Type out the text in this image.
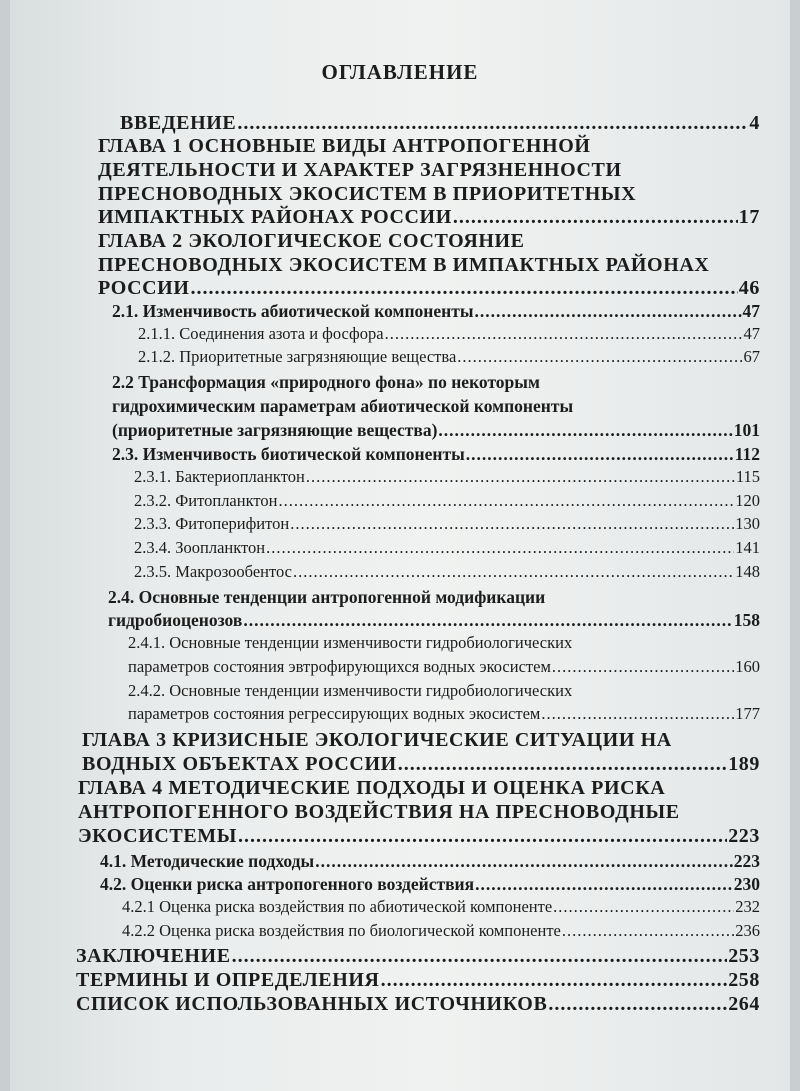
ОГЛАВЛЕНИЕ
ВВЕДЕНИЕ .....	4
ГЛАВА 1 ОСНОВНЫЕ ВИДЫ АНТРОПОГЕННОЙ
ДЕЯТЕЛЬНОСТИ И ХАРАКТЕР ЗАГРЯЗНЕННОСТИ
ПРЕСНОВОДНЫХ ЭКОСИСТЕМ В ПРИОРИТЕТНЫХ
ИМПАКТНЫХ РАЙОНАХ РОССИИ .....	17
ГЛАВА 2 ЭКОЛОГИЧЕСКОЕ СОСТОЯНИЕ
ПРЕСНОВОДНЫХ ЭКОСИСТЕМ В ИМПАКТНЫХ РАЙОНАХ
РОССИИ .....	46
2.1. Изменчивость абиотической компоненты .....	47
2.1.1. Соединения азота и фосфора .....	47
2.1.2. Приоритетные загрязняющие вещества .....	67
2.2 Трансформация «природного фона» по некоторым
гидрохимическим параметрам абиотической компоненты
(приоритетные загрязняющие вещества) .....	101
2.3. Изменчивость биотической компоненты .....	112
2.3.1. Бактериопланктон .....	115
2.3.2. Фитопланктон .....	120
2.3.3. Фитоперифитон .....	130
2.3.4. Зоопланктон .....	141
2.3.5. Макрозообентос .....	148
2.4. Основные тенденции антропогенной модификации
гидробиоценозов .....	158
2.4.1. Основные тенденции изменчивости гидробиологических
параметров состояния эвтрофирующихся водных экосистем .....	160
2.4.2. Основные тенденции изменчивости гидробиологических
параметров состояния регрессирующих водных экосистем .....	177
ГЛАВА 3 КРИЗИСНЫЕ ЭКОЛОГИЧЕСКИЕ СИТУАЦИИ НА
ВОДНЫХ ОБЪЕКТАХ РОССИИ .....	189
ГЛАВА 4 МЕТОДИЧЕСКИЕ ПОДХОДЫ И ОЦЕНКА РИСКА
АНТРОПОГЕННОГО ВОЗДЕЙСТВИЯ НА ПРЕСНОВОДНЫЕ
ЭКОСИСТЕМЫ .....	223
4.1. Методические подходы .....	223
4.2. Оценки риска антропогенного воздействия .....	230
4.2.1 Оценка риска воздействия по абиотической компоненте .....	232
4.2.2 Оценка риска воздействия по биологической компоненте .....	236
ЗАКЛЮЧЕНИЕ .....	253
ТЕРМИНЫ И ОПРЕДЕЛЕНИЯ .....	258
СПИСОК ИСПОЛЬЗОВАННЫХ ИСТОЧНИКОВ .....	264
